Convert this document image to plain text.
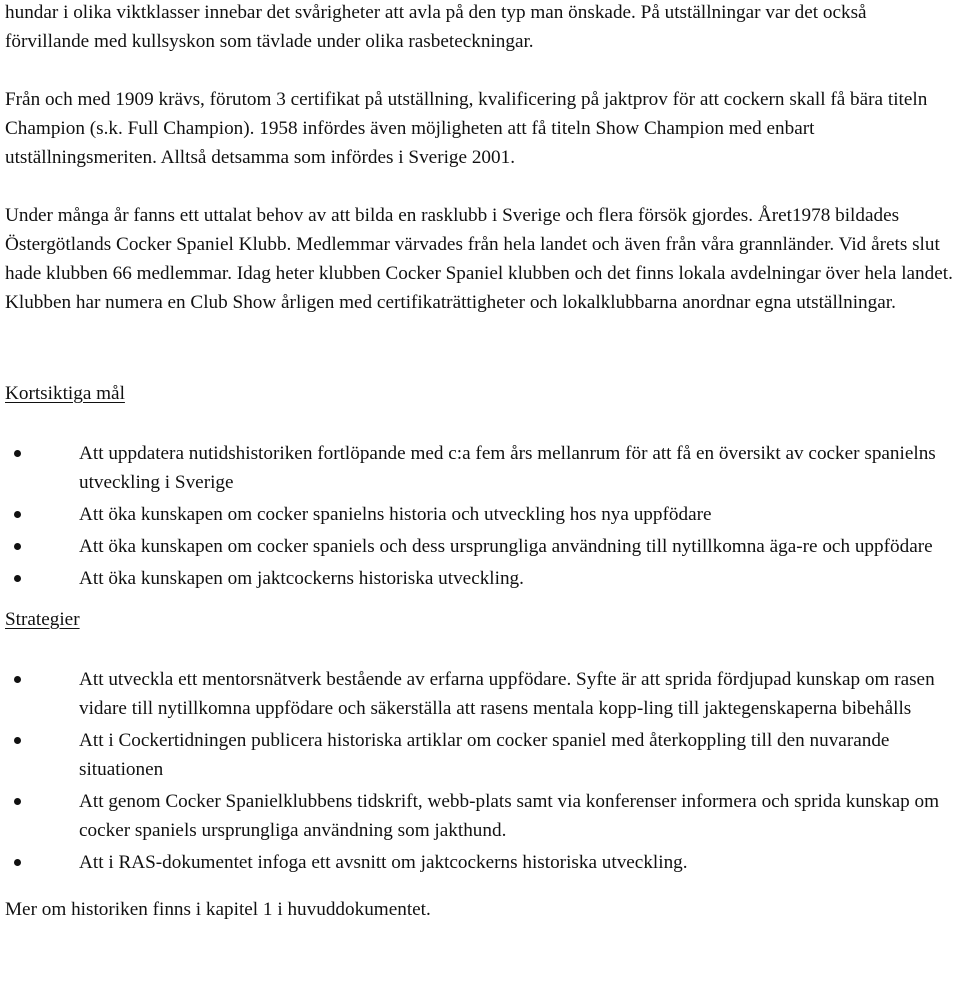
hundar i olika viktklasser innebar det svårigheter att avla på den typ man önskade. På utställningar var det också förvillande med kullsyskon som tävlade under olika rasbeteckningar.

Från och med 1909 krävs, förutom 3 certifikat på utställning, kvalificering på jaktprov för att cockern skall få bära titeln Champion (s.k. Full Champion). 1958 infördes även möjligheten att få titeln Show Champion med enbart utställningsmeriten. Alltså detsamma som infördes i Sverige 2001.

Under många år fanns ett uttalat behov av att bilda en rasklubb i Sverige och flera försök gjordes. Året1978 bildades Östergötlands Cocker Spaniel Klubb. Medlemmar värvades från hela landet och även från våra grannländer. Vid årets slut hade klubben 66 medlemmar. Idag heter klubben Cocker Spaniel klubben och det finns lokala avdelningar över hela landet. Klubben har numera en Club Show årligen med certifikaträttigheter och lokalklubbarna anordnar egna utställningar.

Kortsiktiga mål

Att uppdatera nutidshistoriken fortlöpande med c:a fem års mellanrum för att få en översikt av cocker spanielns utveckling i Sverige
Att öka kunskapen om cocker spanielns historia och utveckling hos nya uppfödare
Att öka kunskapen om cocker spaniels och dess ursprungliga användning till nytillkomna äga-re och uppfödare
Att öka kunskapen om jaktcockerns historiska utveckling.

Strategier

Att utveckla ett mentorsnätverk bestående av erfarna uppfödare. Syfte är att sprida fördjupad kunskap om rasen vidare till nytillkomna uppfödare och säkerställa att rasens mentala kopp-ling till jaktegenskaperna bibehålls
Att i Cockertidningen publicera historiska artiklar om cocker spaniel med återkoppling till den nuvarande situationen
Att genom Cocker Spanielklubbens tidskrift, webb-plats samt via konferenser informera och sprida kunskap om cocker spaniels ursprungliga användning som jakthund.
Att i RAS-dokumentet infoga ett avsnitt om jaktcockerns historiska utveckling.

Mer om historiken finns i kapitel 1 i huvuddokumentet.
